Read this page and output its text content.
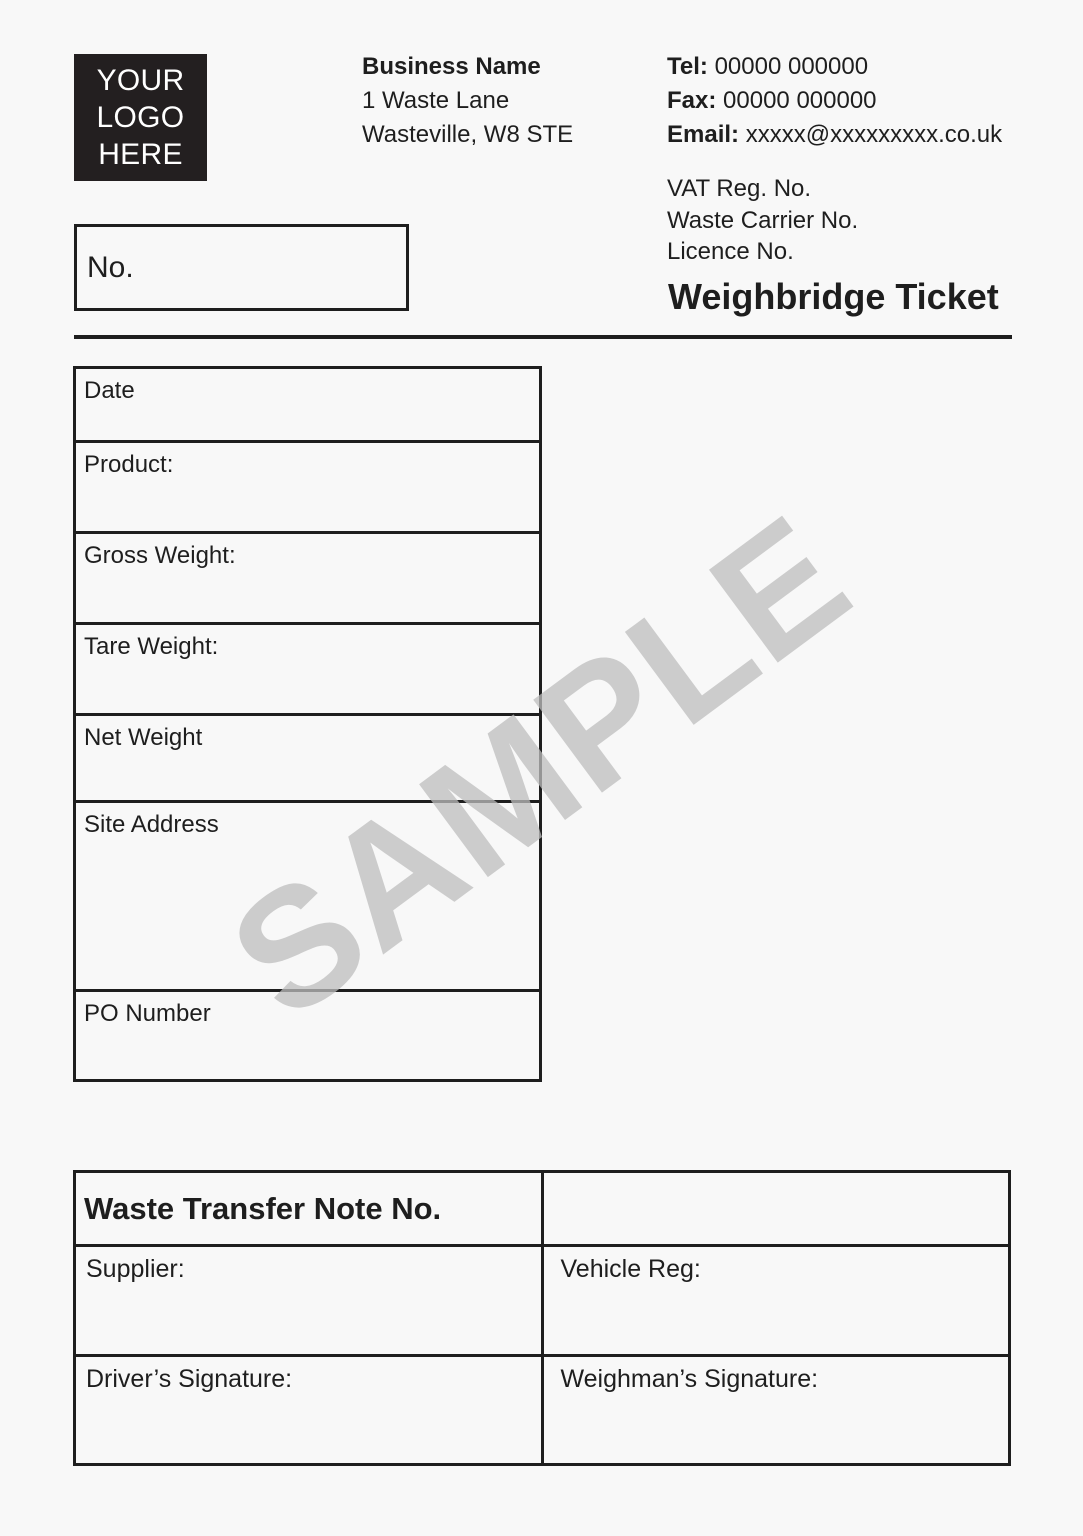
YOUR
LOGO
HERE
Business Name
1 Waste Lane
Wasteville, W8 STE
Tel: 00000 000000
Fax: 00000 000000
Email: xxxxx@xxxxxxxxx.co.uk
VAT Reg. No.
Waste Carrier No.
Licence No.
Weighbridge Ticket
No.
Date
Product:
Gross Weight:
Tare Weight:
Net Weight
Site Address
PO Number
SAMPLE
Waste Transfer Note No.	
Supplier:	Vehicle Reg:
Driver’s Signature:	Weighman’s Signature:
